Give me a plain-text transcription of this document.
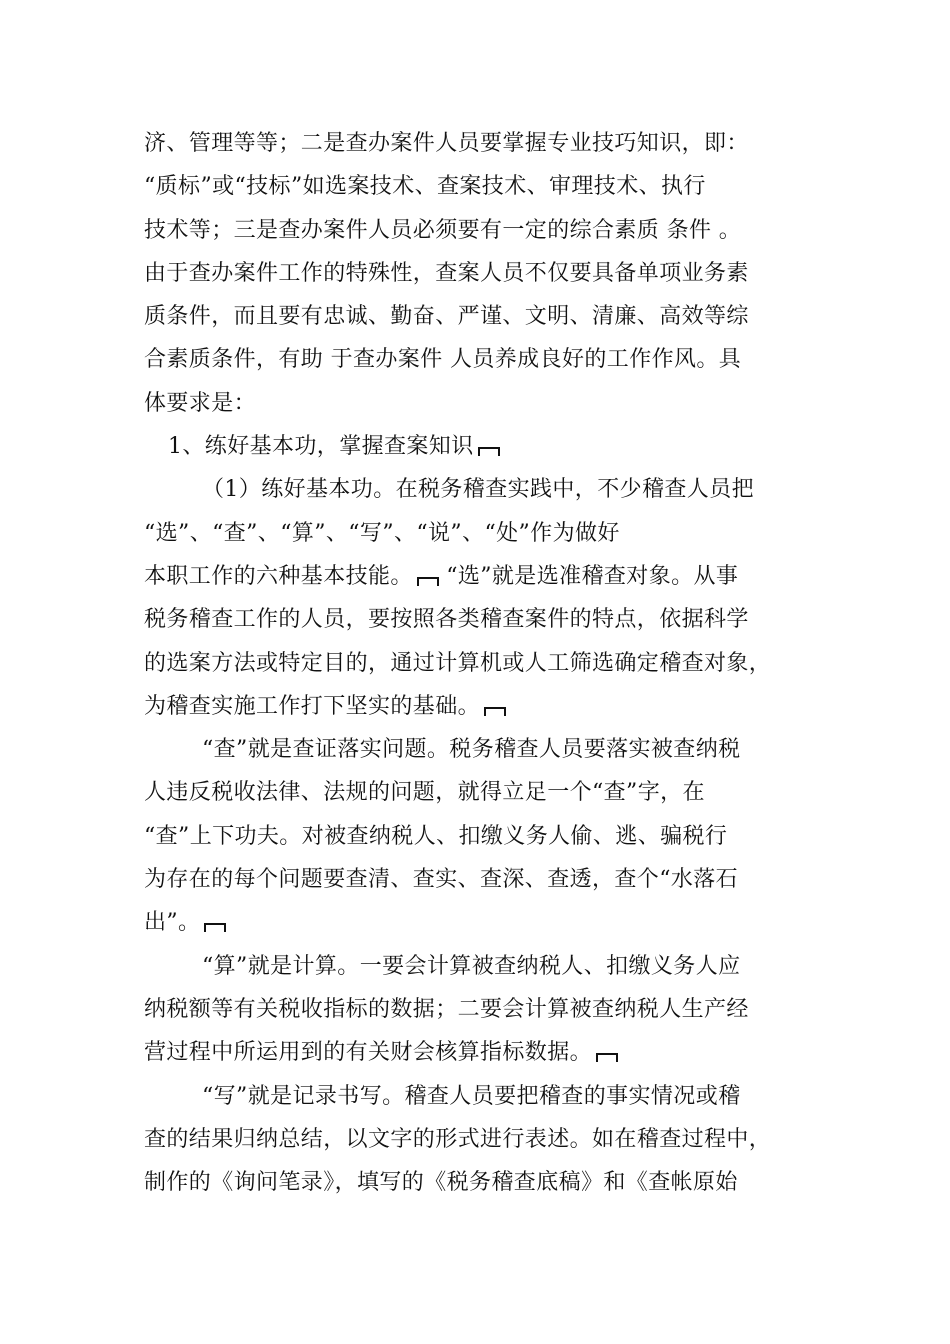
济、管理等等；二是查办案件人员要掌握专业技巧知识，即：
“质标”或“技标”如选案技术、查案技术、审理技术、执行
技术等；三是查办案件人员必须要有一定的综合素质 条件 。
由于查办案件工作的特殊性，查案人员不仅要具备单项业务素
质条件，而且要有忠诚、勤奋、严谨、文明、清廉、高效等综
合素质条件，有助 于查办案件 人员养成良好的工作作风。具
体要求是：
1、练好基本功，掌握查案知识
（1）练好基本功。在税务稽查实践中，不少稽查人员把
“选”、“查”、“算”、“写”、“说”、“处”作为做好
本职工作的六种基本技能。 “选”就是选准稽查对象。从事
税务稽查工作的人员，要按照各类稽查案件的特点，依据科学
的选案方法或特定目的，通过计算机或人工筛选确定稽查对象，
为稽查实施工作打下坚实的基础。
“查”就是查证落实问题。税务稽查人员要落实被查纳税
人违反税收法律、法规的问题，就得立足一个“查”字，在
“查”上下功夫。对被查纳税人、扣缴义务人偷、逃、骗税行
为存在的每个问题要查清、查实、查深、查透，查个“水落石
出”。
“算”就是计算。一要会计算被查纳税人、扣缴义务人应
纳税额等有关税收指标的数据；二要会计算被查纳税人生产经
营过程中所运用到的有关财会核算指标数据。
“写”就是记录书写。稽查人员要把稽查的事实情况或稽
查的结果归纳总结，以文字的形式进行表述。如在稽查过程中，
制作的《询问笔录》，填写的《税务稽查底稿》和《查帐原始
